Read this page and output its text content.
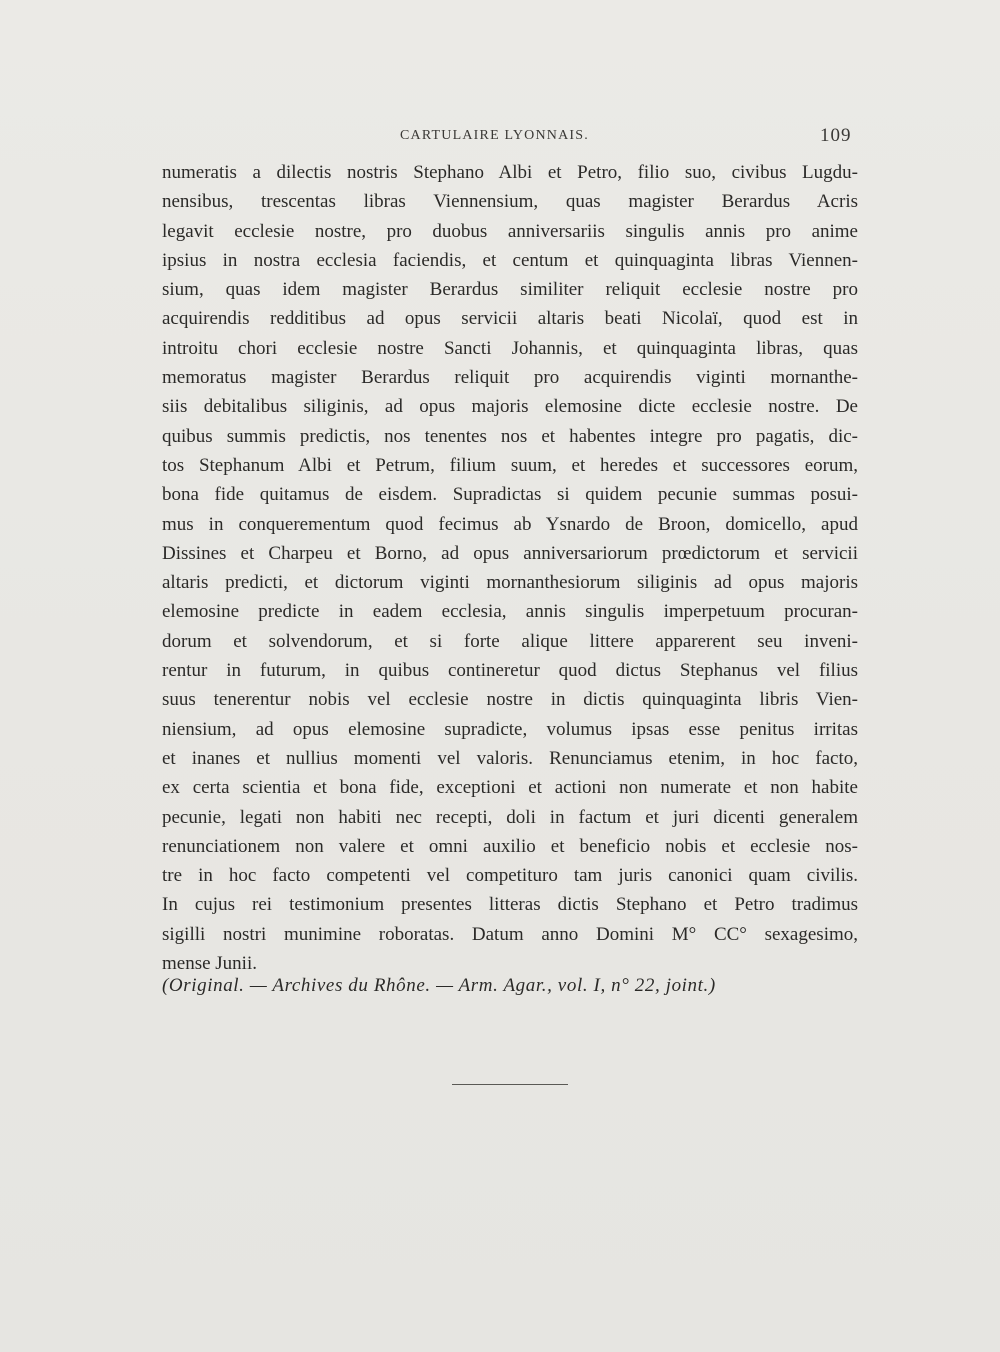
CARTULAIRE LYONNAIS.	109
numeratis a dilectis nostris Stephano Albi et Petro, filio suo, civibus Lugdu-
nensibus, trescentas libras Viennensium, quas magister Berardus Acris
legavit ecclesie nostre, pro duobus anniversariis singulis annis pro anime
ipsius in nostra ecclesia faciendis, et centum et quinquaginta libras Viennen-
sium, quas idem magister Berardus similiter reliquit ecclesie nostre pro
acquirendis redditibus ad opus servicii altaris beati Nicolaï, quod est in
introitu chori ecclesie nostre Sancti Johannis, et quinquaginta libras, quas
memoratus magister Berardus reliquit pro acquirendis viginti mornanthe-
siis debitalibus siliginis, ad opus majoris elemosine dicte ecclesie nostre. De
quibus summis predictis, nos tenentes nos et habentes integre pro pagatis, dic-
tos Stephanum Albi et Petrum, filium suum, et heredes et successores eorum,
bona fide quitamus de eisdem. Supradictas si quidem pecunie summas posui-
mus in conquerementum quod fecimus ab Ysnardo de Broon, domicello, apud
Dissines et Charpeu et Borno, ad opus anniversariorum prœdictorum et servicii
altaris predicti, et dictorum viginti mornanthesiorum siliginis ad opus majoris
elemosine predicte in eadem ecclesia, annis singulis imperpetuum procuran-
dorum et solvendorum, et si forte alique littere apparerent seu inveni-
rentur in futurum, in quibus contineretur quod dictus Stephanus vel filius
suus tenerentur nobis vel ecclesie nostre in dictis quinquaginta libris Vien-
niensium, ad opus elemosine supradicte, volumus ipsas esse penitus irritas
et inanes et nullius momenti vel valoris. Renunciamus etenim, in hoc facto,
ex certa scientia et bona fide, exceptioni et actioni non numerate et non habite
pecunie, legati non habiti nec recepti, doli in factum et juri dicenti generalem
renunciationem non valere et omni auxilio et beneficio nobis et ecclesie nos-
tre in hoc facto competenti vel competituro tam juris canonici quam civilis.
In cujus rei testimonium presentes litteras dictis Stephano et Petro tradimus
sigilli nostri munimine roboratas. Datum anno Domini M° CC° sexagesimo,
mense Junii.
(Original. — Archives du Rhône. — Arm. Agar., vol. I, n° 22, joint.)
